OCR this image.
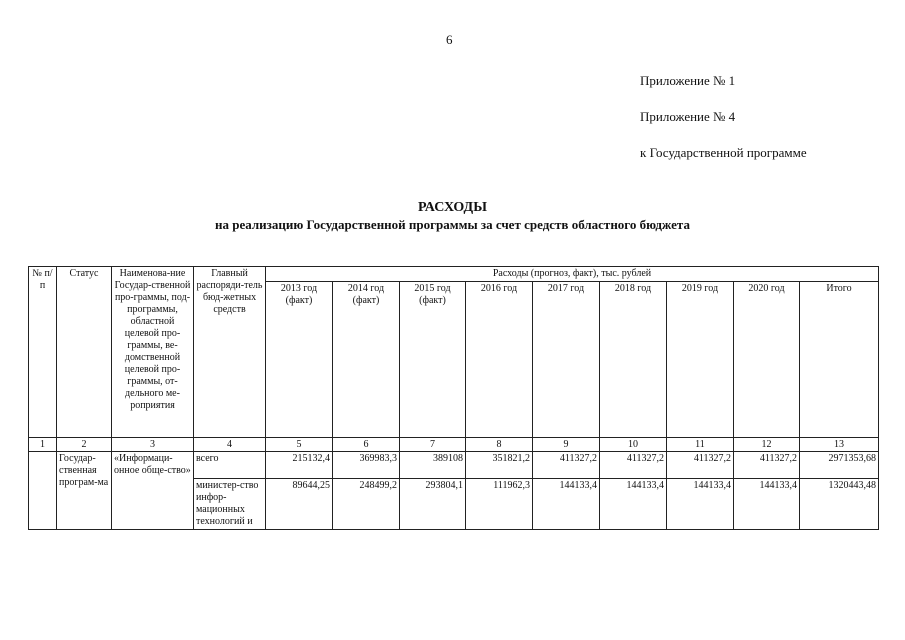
6
Приложение № 1
Приложение № 4
к Государственной программе
РАСХОДЫ
на реализацию Государственной программы за счет средств областного бюджета
№ п/п	Статус	Наименова-ние Государ-ственной про-граммы, под-программы, областной целевой про-граммы, ве-домственной целевой про-граммы, от-дельного ме-роприятия	Главный распоряди-тель бюд-жетных средств	Расходы (прогноз, факт), тыс. рублей								
				2013 год (факт)	2014 год (факт)	2015 год (факт)	2016 год	2017 год	2018 год	2019 год	2020 год	Итого
1	2	3	4	5	6	7	8	9	10	11	12	13
	Государ-ственная програм-ма	«Информаци-онное обще-ство»	всего	215132,4	369983,3	389108	351821,2	411327,2	411327,2	411327,2	411327,2	2971353,68
			министер-ство инфор-мационных технологий и	89644,25	248499,2	293804,1	111962,3	144133,4	144133,4	144133,4	144133,4	1320443,48
